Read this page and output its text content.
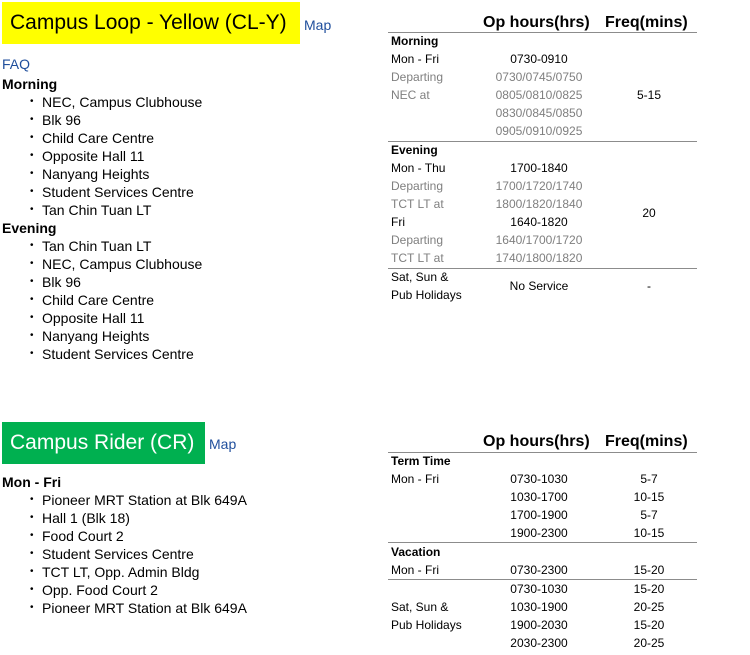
Campus Loop - Yellow (CL-Y) Map
FAQ
Morning
• NEC, Campus Clubhouse
• Blk 96
• Child Care Centre
• Opposite Hall 11
• Nanyang Heights
• Student Services Centre
• Tan Chin Tuan LT
Evening
• Tan Chin Tuan LT
• NEC, Campus Clubhouse
• Blk 96
• Child Care Centre
• Opposite Hall 11
• Nanyang Heights
• Student Services Centre
Op hours(hrs) Freq(mins)
Morning
Mon - Fri	0730-0910
Departing	0730/0745/0750
NEC at	0805/0810/0825
0830/0845/0850
0905/0910/0925
5-15
Evening
Mon - Thu	1700-1840
Departing	1700/1720/1740
TCT LT at	1800/1820/1840
Fri	1640-1820
Departing	1640/1700/1720
TCT LT at	1740/1800/1820
20
Sat, Sun &
Pub Holidays
No Service	-
Campus Rider (CR) Map
Mon - Fri
• Pioneer MRT Station at Blk 649A
• Hall 1 (Blk 18)
• Food Court 2
• Student Services Centre
• TCT LT, Opp. Admin Bldg
• Opp. Food Court 2
• Pioneer MRT Station at Blk 649A
Op hours(hrs) Freq(mins)
Term Time
Mon - Fri	0730-1030	5-7
1030-1700	10-15
1700-1900	5-7
1900-2300	10-15
Vacation
Mon - Fri	0730-2300	15-20
Sat, Sun &
Pub Holidays
0730-1030	15-20
1030-1900	20-25
1900-2030	15-20
2030-2300	20-25
